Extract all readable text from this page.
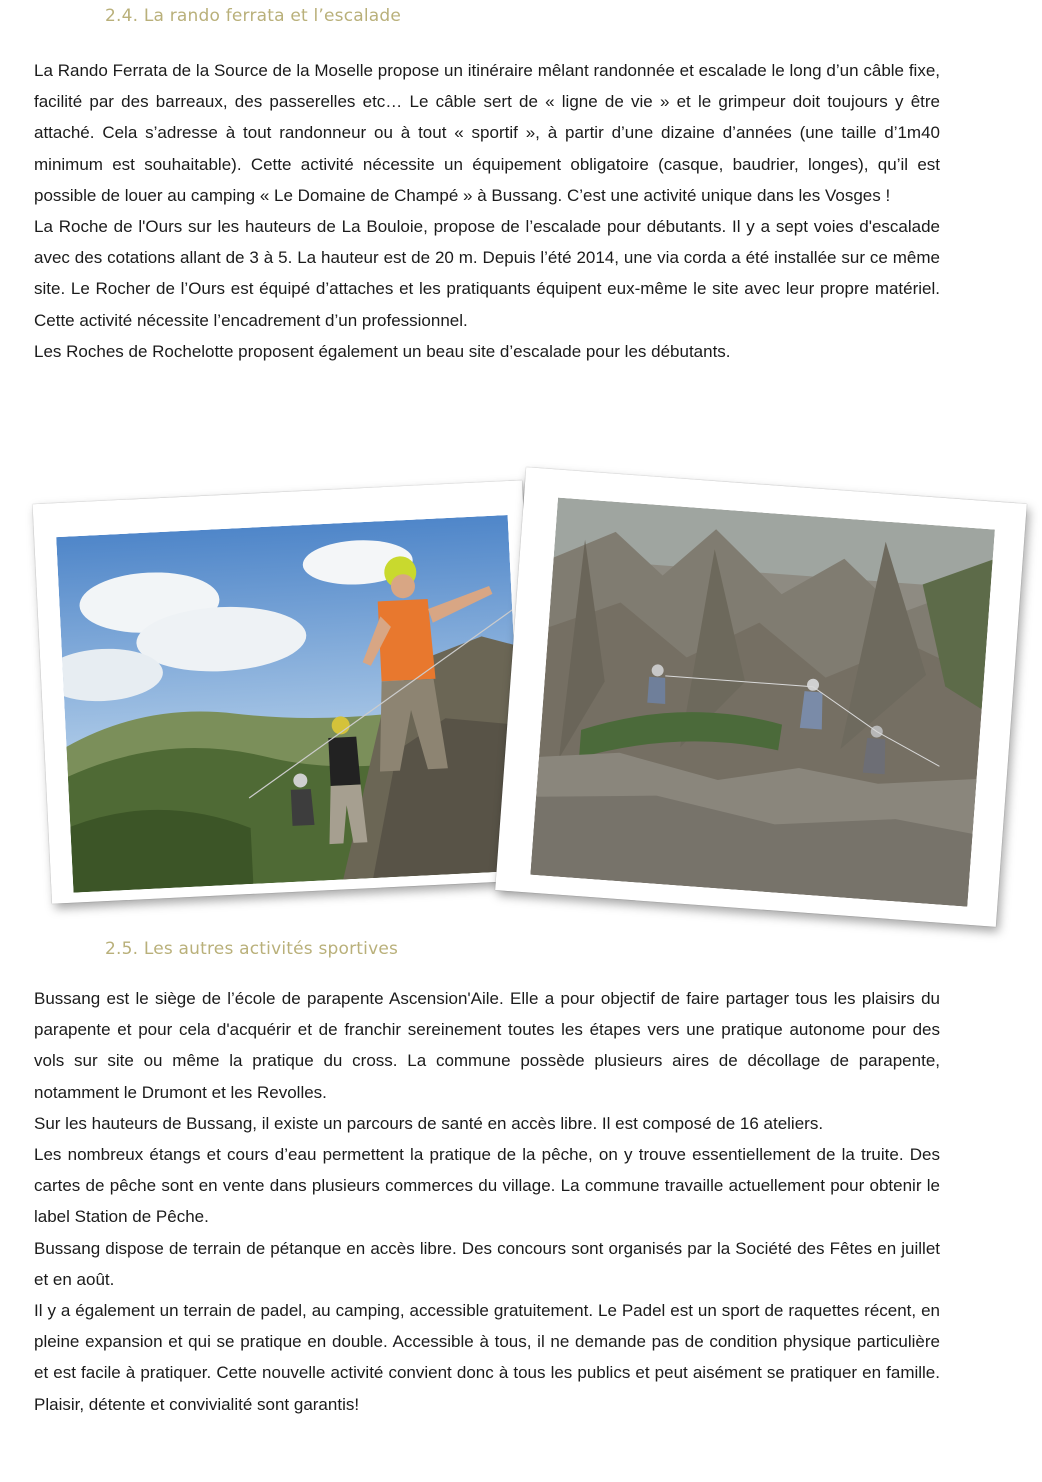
2.4. La rando ferrata et l’escalade

La Rando Ferrata de la Source de la Moselle propose un itinéraire mêlant randonnée et escalade le long d’un câble fixe, facilité par des barreaux, des passerelles etc… Le câble sert de « ligne de vie » et le grimpeur doit toujours y être attaché. Cela s’adresse à tout randonneur ou à tout « sportif », à partir d’une dizaine d’années (une taille d’1m40 minimum est souhaitable). Cette activité nécessite un équipement obligatoire (casque, baudrier, longes), qu’il est possible de louer au camping « Le Domaine de Champé » à Bussang. C’est une activité unique dans les Vosges !

La Roche de l'Ours sur les hauteurs de La Bouloie, propose de l’escalade pour débutants. Il y a sept voies d'escalade avec des cotations allant de 3 à 5. La hauteur est de 20 m. Depuis l’été 2014, une via corda a été installée sur ce même site. Le Rocher de l’Ours est équipé d’attaches et les pratiquants équipent eux-même le site avec leur propre matériel. Cette activité nécessite l’encadrement d’un professionnel.

Les Roches de Rochelotte proposent également un beau site d’escalade pour les débutants.

2.5. Les autres activités sportives

Bussang est le siège de l’école de parapente Ascension'Aile. Elle a pour objectif de faire partager tous les plaisirs du parapente et pour cela d'acquérir et de franchir sereinement toutes les étapes vers une pratique autonome pour des vols sur site ou même la pratique du cross. La commune possède plusieurs aires de décollage de parapente, notamment le Drumont et les Revolles.

Sur les hauteurs de Bussang, il existe un parcours de santé en accès libre. Il est composé de 16 ateliers.

Les nombreux étangs et cours d’eau permettent la pratique de la pêche, on y trouve essentiellement de la truite. Des cartes de pêche sont en vente dans plusieurs commerces du village. La commune travaille actuellement pour obtenir le label Station de Pêche.

Bussang dispose de terrain de pétanque en accès libre. Des concours sont organisés par la Société des Fêtes en juillet et en août.

Il y a également un terrain de padel, au camping, accessible gratuitement. Le Padel est un sport de raquettes récent, en pleine expansion et qui se pratique en double. Accessible à tous, il ne demande pas de condition physique particulière et est facile à pratiquer. Cette nouvelle activité convient donc à tous les publics et peut aisément se pratiquer en famille. Plaisir, détente et convivialité sont garantis!
